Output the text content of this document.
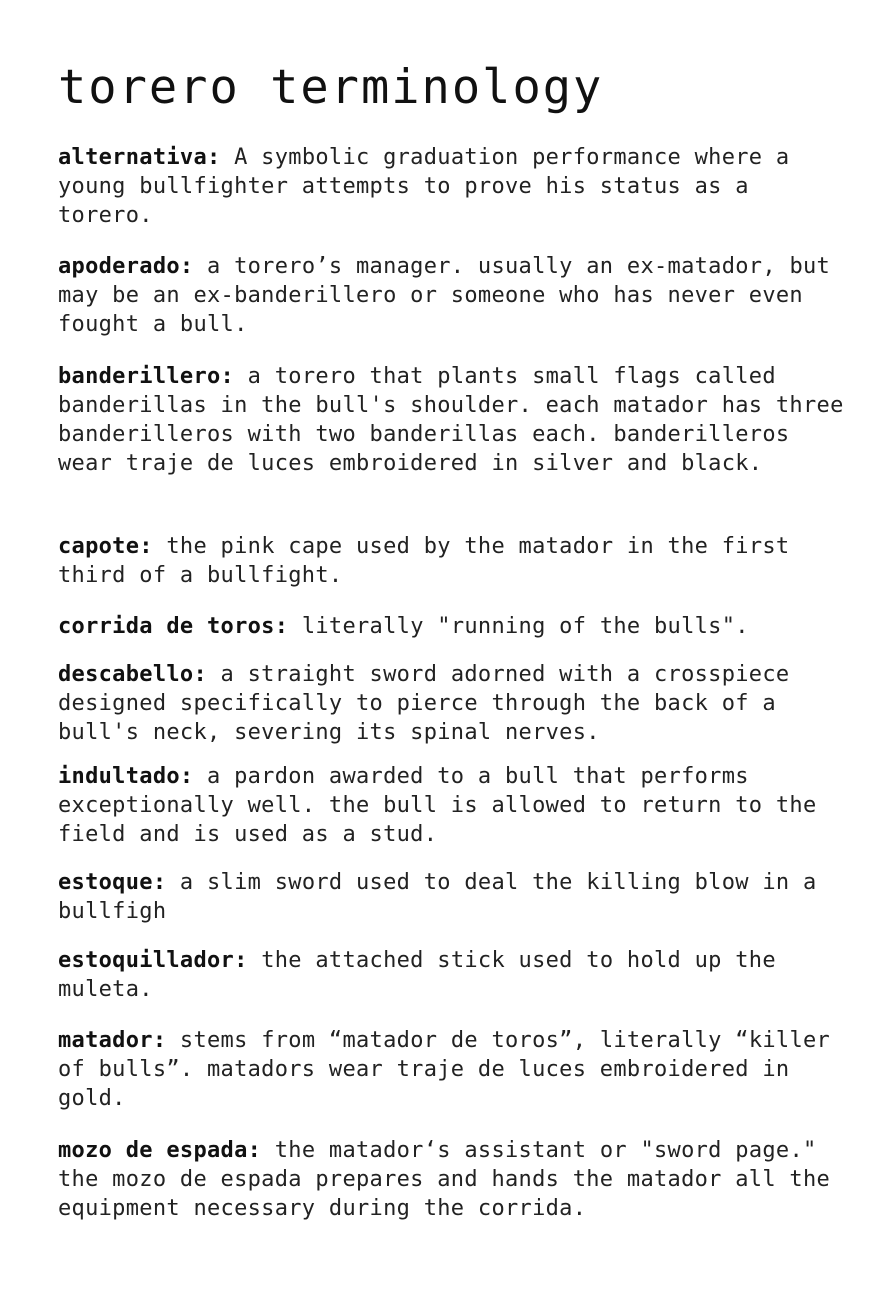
torero terminology

alternativa: A symbolic graduation performance where a young bullfighter attempts to prove his status as a torero.

apoderado: a torero’s manager. usually an ex-matador, but may be an ex-banderillero or someone who has never even fought a bull.

banderillero: a torero that plants small flags called banderillas in the bull's shoulder. each matador has three banderilleros with two banderillas each. banderilleros wear traje de luces embroidered in silver and black.

capote: the pink cape used by the matador in the first third of a bullfight.

corrida de toros: literally "running of the bulls".

descabello: a straight sword adorned with a crosspiece designed specifically to pierce through the back of a bull's neck, severing its spinal nerves.

indultado: a pardon awarded to a bull that performs exceptionally well. the bull is allowed to return to the field and is used as a stud.

estoque: a slim sword used to deal the killing blow in a bullfigh

estoquillador: the attached stick used to hold up the muleta.

matador: stems from “matador de toros”, literally “killer of bulls”. matadors wear traje de luces embroidered in gold.

mozo de espada: the matador‘s assistant or "sword page." the mozo de espada prepares and hands the matador all the equipment necessary during the corrida.
